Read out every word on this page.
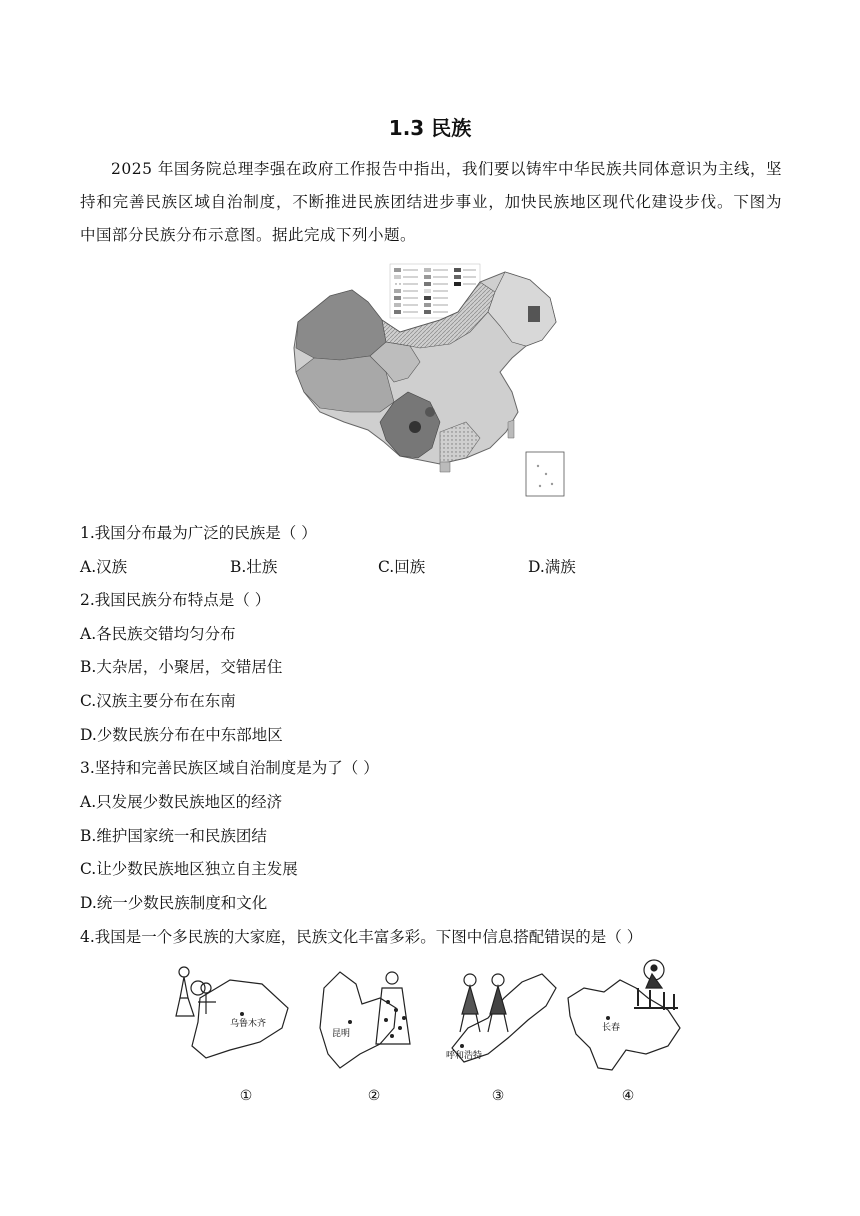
1.3 民族
2025 年国务院总理李强在政府工作报告中指出，我们要以铸牢中华民族共同体意识为主线，坚持和完善民族区域自治制度，不断推进民族团结进步事业，加快民族地区现代化建设步伐。下图为中国部分民族分布示意图。据此完成下列小题。
1.我国分布最为广泛的民族是（ ）
A.汉族	B.壮族	C.回族	D.满族
2.我国民族分布特点是（ ）
A.各民族交错均匀分布
B.大杂居，小聚居，交错居住
C.汉族主要分布在东南
D.少数民族分布在中东部地区
3.坚持和完善民族区域自治制度是为了（ ）
A.只发展少数民族地区的经济
B.维护国家统一和民族团结
C.让少数民族地区独立自主发展
D.统一少数民族制度和文化
4.我国是一个多民族的大家庭，民族文化丰富多彩。下图中信息搭配错误的是（ ）
乌鲁木齐
昆明
呼和浩特
长春
①	②	③	④
